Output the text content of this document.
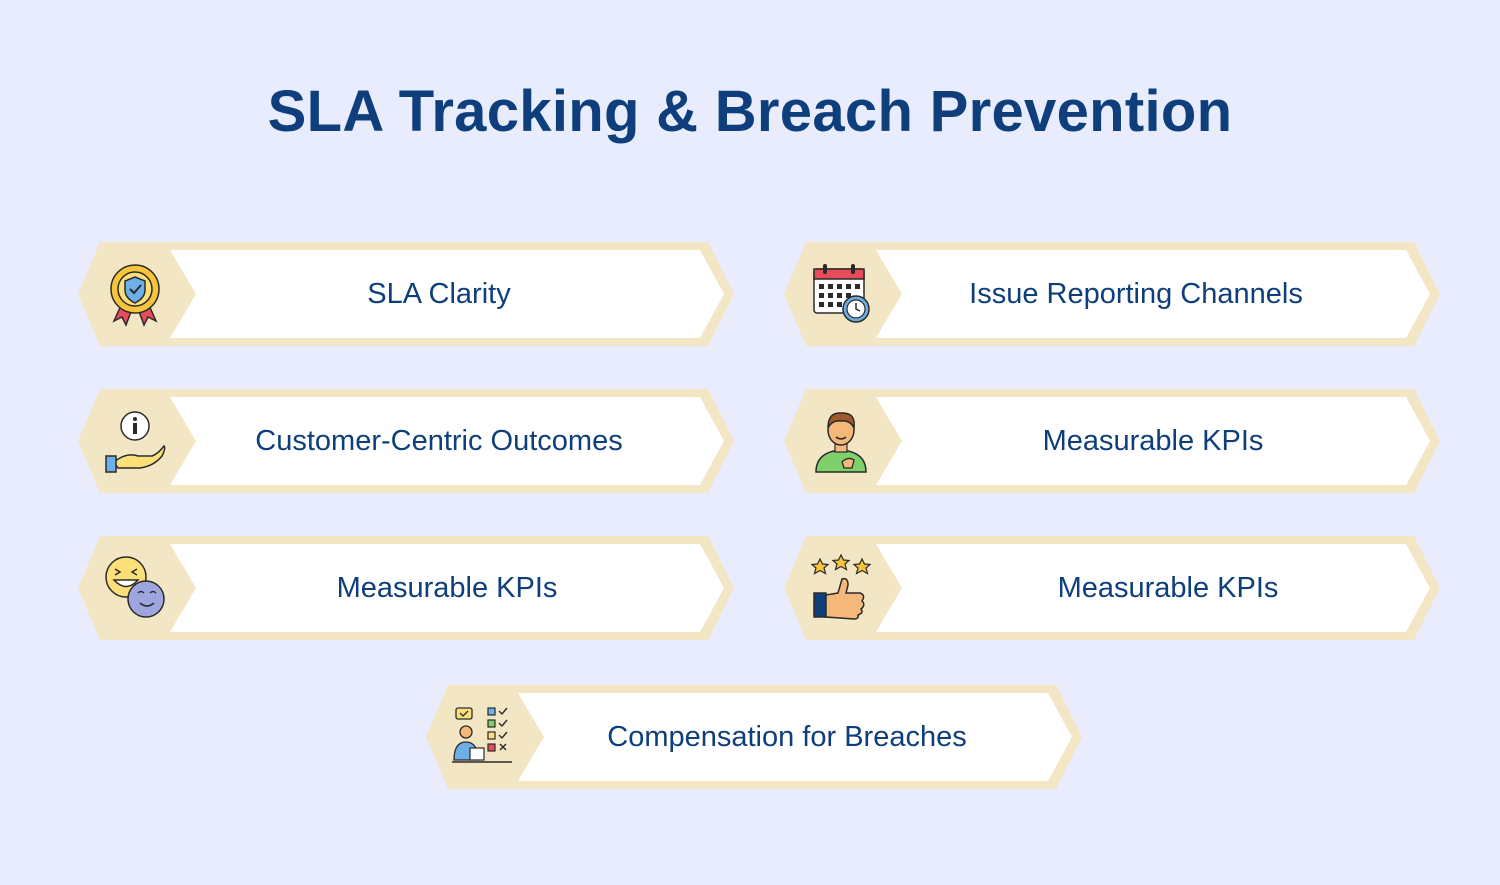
SLA Tracking & Breach Prevention
SLA Clarity	Issue Reporting Channels
Customer-Centric Outcomes	Measurable KPIs
Measurable KPIs	Measurable KPIs
Compensation for Breaches
